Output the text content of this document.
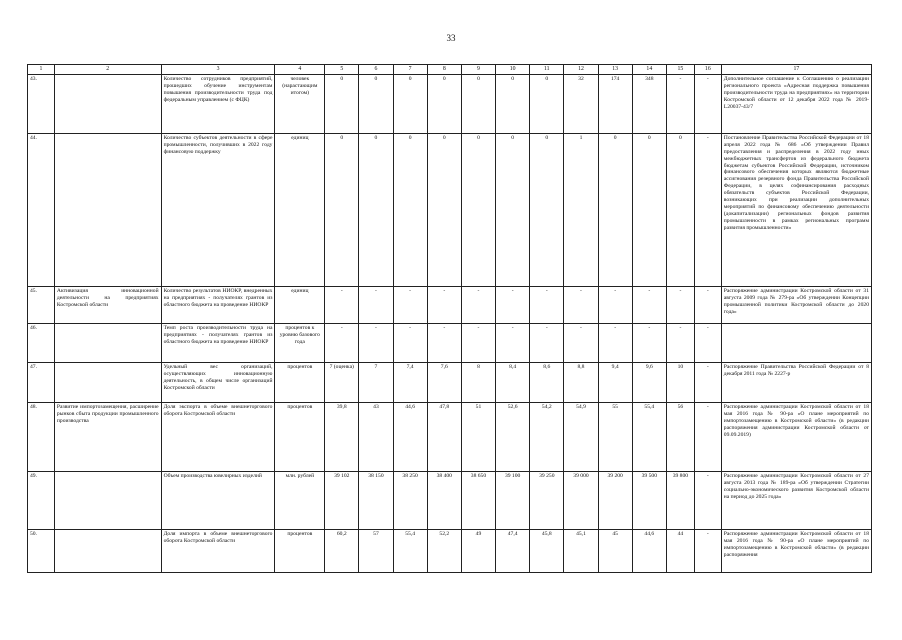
33
1	2	3	4	5	6	7	8	9	10	11	12	13	14	15	16	17
43.		Количество сотрудников предприятий, прошедших обучение инструментам повышения производительности труда под федеральным управлением (с ФЦК)	человек (нарастающим итогом)	0	0	0	0	0	0	0	32	174	348	-	-	Дополнительное соглашение к Соглашению о реализации регионального проекта «Адресная поддержка повышения производительности труда на предприятиях» на территории Костромской области от 12 декабря 2022 года № 2019-L20037-43/7
44.		Количество субъектов деятельности в сфере промышленности, получивших в 2022 году финансовую поддержку	единиц	0	0	0	0	0	0	0	1	0	0	0	-	Постановление Правительства Российской Федерации от 18 апреля 2022 года № 686 «Об утверждении Правил предоставления и распределения в 2022 году иных межбюджетных трансфертов из федерального бюджета бюджетам субъектов Российской Федерации, источником финансового обеспечения которых являются бюджетные ассигнования резервного фонда Правительства Российской Федерации, в целях софинансирования расходных обязательств субъектов Российской Федерации, возникающих при реализации дополнительных мероприятий по финансовому обеспечению деятельности (докапитализации) региональных фондов развития промышленности в рамках региональных программ развития промышленности»
45.	Активизация инновационной деятельности на предприятиях Костромской области	Количество результатов НИОКР, внедренных на предприятиях - получателях грантов из областного бюджета на проведение НИОКР	единиц	-	-	-	-	-	-	-	-	-	-	-	-	Распоряжение администрации Костромской области от 31 августа 2009 года № 279-ра «Об утверждении Концепции промышленной политики Костромской области до 2020 года»
46.		Темп роста производительности труда на предприятиях - получателях грантов из областного бюджета на проведение НИОКР	процентов к уровню базового года	-	-	-	-	-	-	-	-	-	-	-	-	
47.		Удельный вес организаций, осуществляющих инновационную деятельность, в общем числе организаций Костромской области	процентов	7 (оценка)	7	7,4	7,6	8	8,4	8,6	8,8	9,4	9,6	10	-	Распоряжение Правительства Российской Федерации от 8 декабря 2011 года № 2227-р
48.	Развитие импортозамещения, расширение рынков сбыта продукции промышленного производства	Доля экспорта в объеме внешнеторгового оборота Костромской области	процентов	39,8	43	44,6	47,8	51	52,6	54,2	54,9	55	55,4	56	-	Распоряжение администрации Костромской области от 18 мая 2016 года № 90-ра «О плане мероприятий по импортозамещению в Костромской области» (в редакции распоряжения администрации Костромской области от 09.09.2019)
49.		Объем производства ювелирных изделий	млн. рублей	39 102	38 150	38 250	38 400	38 650	39 100	39 250	39 000	39 200	39 500	39 800	-	Распоряжение администрации Костромской области от 27 августа 2013 года № 189-ра «Об утверждении Стратегии социально-экономического развития Костромской области на период до 2025 года»
50.		Доля импорта в объеме внешнеторгового оборота Костромской области	процентов	60,2	57	55,4	52,2	49	47,4	45,8	45,1	45	44,6	44	-	Распоряжение администрации Костромской области от 18 мая 2016 года № 90-ра «О плане мероприятий по импортозамещению в Костромской области» (в редакции распоряжения
